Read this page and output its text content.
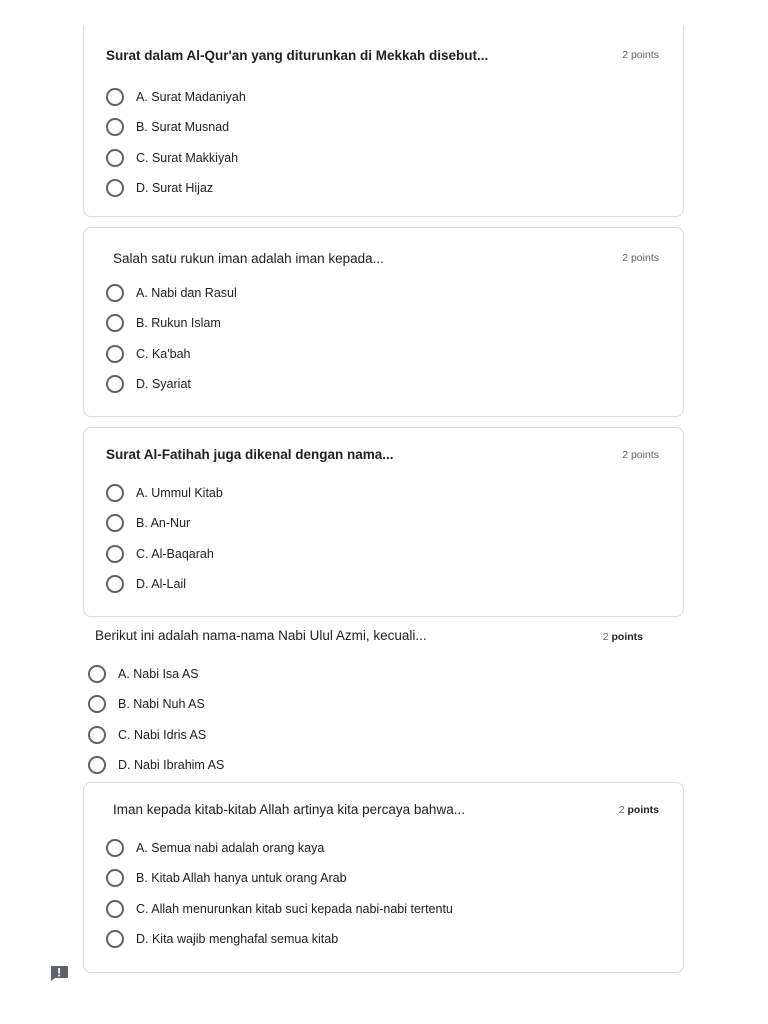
Surat dalam Al-Qur'an yang diturunkan di Mekkah disebut...	2 points
A. Surat Madaniyah
B. Surat Musnad
C. Surat Makkiyah
D. Surat Hijaz
Salah satu rukun iman adalah iman kepada...	2 points
A. Nabi dan Rasul
B. Rukun Islam
C. Ka'bah
D. Syariat
Surat Al-Fatihah juga dikenal dengan nama...	2 points
A. Ummul Kitab
B. An-Nur
C. Al-Baqarah
D. Al-Lail
Berikut ini adalah nama-nama Nabi Ulul Azmi, kecuali...	2 points
A. Nabi Isa AS
B. Nabi Nuh AS
C. Nabi Idris AS
D. Nabi Ibrahim AS
Iman kepada kitab-kitab Allah artinya kita percaya bahwa...	2 points
A. Semua nabi adalah orang kaya
B. Kitab Allah hanya untuk orang Arab
C. Allah menurunkan kitab suci kepada nabi-nabi tertentu
D. Kita wajib menghafal semua kitab
